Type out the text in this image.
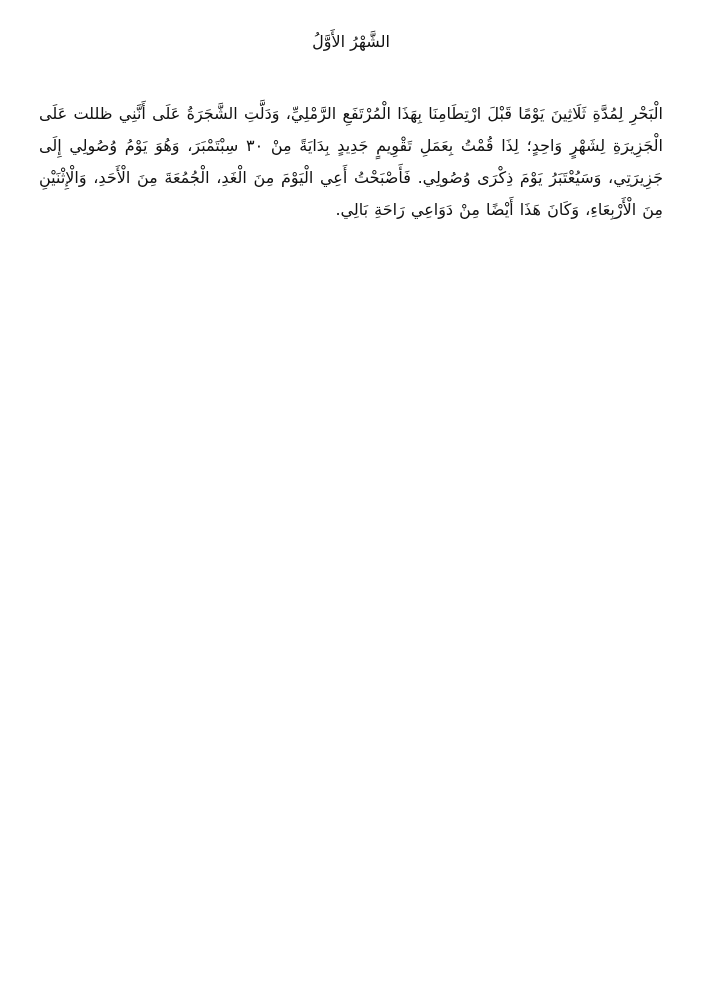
الشَّهْرُ الأَوَّلُ

الْبَحْرِ لِمُدَّةِ ثَلَاثِينَ يَوْمًا قَبْلَ ارْتِطَامِنَا بِهَذَا الْمُرْتَفَعِ الرَّمْلِيِّ، وَدَلَّتِ الشَّجَرَةُ عَلَى أَنَّنِي ظللت عَلَى الْجَزِيرَةِ لِشَهْرٍ وَاحِدٍ؛ لِذَا قُمْتُ بِعَمَلِ تَقْوِيمٍ جَدِيدٍ بِدَايَةً مِنْ ٣٠ سِبْتَمْبَرَ، وَهُوَ يَوْمُ وُصُولِي إِلَى جَزِيرَتِي، وَسَيُعْتَبَرُ يَوْمَ ذِكْرَى وُصُولِي. فَأَصْبَحْتُ أَعِي الْيَوْمَ مِنَ الْغَدِ، الْجُمُعَةَ مِنَ الْأَحَدِ، وَالْإِثْنَيْنِ مِنَ الْأَرْبِعَاءِ، وَكَانَ هَذَا أَيْضًا مِنْ دَوَاعِي رَاحَةِ بَالِي.
